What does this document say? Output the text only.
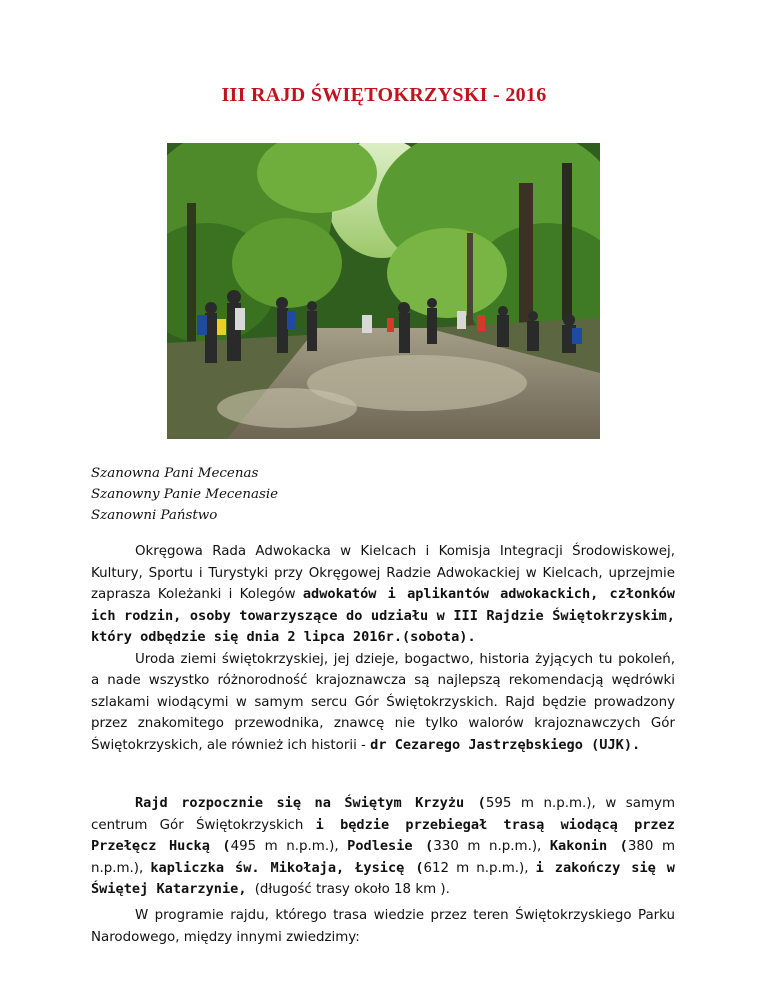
III RAJD ŚWIĘTOKRZYSKI - 2016
Szanowna Pani Mecenas
Szanowny Panie Mecenasie
Szanowni Państwo
Okręgowa Rada Adwokacka w Kielcach i Komisja Integracji Środowiskowej, Kultury, Sportu i Turystyki przy Okręgowej Radzie Adwokackiej w Kielcach, uprzejmie zaprasza Koleżanki i Kolegów adwokatów i aplikantów adwokackich, członków ich rodzin, osoby towarzyszące do udziału w III Rajdzie Świętokrzyskim, który odbędzie się dnia 2 lipca 2016r.(sobota).
Uroda ziemi świętokrzyskiej, jej dzieje, bogactwo, historia żyjących tu pokoleń, a nade wszystko różnorodność krajoznawcza są najlepszą rekomendacją wędrówki szlakami wiodącymi w samym sercu Gór Świętokrzyskich. Rajd będzie prowadzony przez znakomitego przewodnika, znawcę nie tylko walorów krajoznawczych Gór Świętokrzyskich, ale również ich historii - dr Cezarego Jastrzębskiego (UJK).
Rajd rozpocznie się na Świętym Krzyżu (595 m n.p.m.), w samym centrum Gór Świętokrzyskich i będzie przebiegał trasą wiodącą przez Przełęcz Hucką (495 m n.p.m.), Podlesie (330 m n.p.m.), Kakonin (380 m n.p.m.), kapliczka św. Mikołaja, Łysicę (612 m n.p.m.), i zakończy się w Świętej Katarzynie, (długość trasy około 18 km ).
W programie rajdu, którego trasa wiedzie przez teren Świętokrzyskiego Parku Narodowego, między innymi zwiedzimy:
